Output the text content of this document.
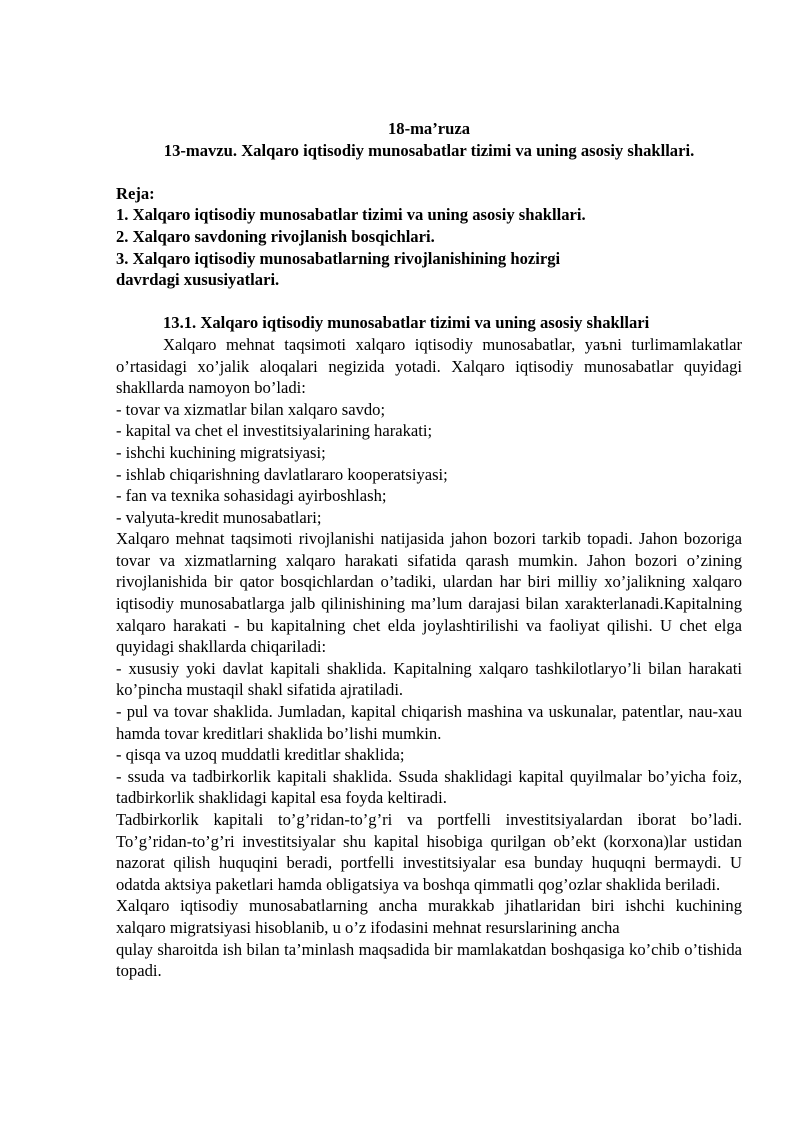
18-ma’ruza
13-mavzu. Xalqaro iqtisodiy munosabatlar tizimi va uning asosiy shakllari.
Reja:
1. Xalqaro iqtisodiy munosabatlar tizimi va uning asosiy shakllari.
2. Xalqaro savdoning rivojlanish bosqichlari.
3. Xalqaro iqtisodiy munosabatlarning rivojlanishining hozirgi davrdagi xususiyatlari.
13.1. Xalqaro iqtisodiy munosabatlar tizimi va uning asosiy shakllari
Xalqaro mehnat taqsimoti xalqaro iqtisodiy munosabatlar, yaъni turlimamlakatlar o’rtasidagi xo’jalik aloqalari negizida yotadi. Xalqaro iqtisodiy munosabatlar quyidagi shakllarda namoyon bo’ladi:
- tovar va xizmatlar bilan xalqaro savdo;
- kapital va chet el investitsiyalarining harakati;
- ishchi kuchining migratsiyasi;
- ishlab chiqarishning davlatlararo kooperatsiyasi;
- fan va texnika sohasidagi ayirboshlash;
- valyuta-kredit munosabatlari;
Xalqaro mehnat taqsimoti rivojlanishi natijasida jahon bozori tarkib topadi. Jahon bozoriga tovar va xizmatlarning xalqaro harakati sifatida qarash mumkin. Jahon bozori o’zining rivojlanishida bir qator bosqichlardan o’tadiki, ulardan har biri milliy xo’jalikning xalqaro iqtisodiy munosabatlarga jalb qilinishining ma’lum darajasi bilan xarakterlanadi.Kapitalning xalqaro harakati - bu kapitalning chet elda joylashtirilishi va faoliyat qilishi. U chet elga quyidagi shakllarda chiqariladi:
- xususiy yoki davlat kapitali shaklida. Kapitalning xalqaro tashkilotlaryo’li bilan harakati ko’pincha mustaqil shakl sifatida ajratiladi.
- pul va tovar shaklida. Jumladan, kapital chiqarish mashina va uskunalar, patentlar, nau-xau hamda tovar kreditlari shaklida bo’lishi mumkin.
- qisqa va uzoq muddatli kreditlar shaklida;
- ssuda va tadbirkorlik kapitali shaklida. Ssuda shaklidagi kapital quyilmalar bo’yicha foiz, tadbirkorlik shaklidagi kapital esa foyda keltiradi.
Tadbirkorlik kapitali to’g’ridan-to’g’ri va portfelli investitsiyalardan iborat bo’ladi. To’g’ridan-to’g’ri investitsiyalar shu kapital hisobiga qurilgan ob’ekt (korxona)lar ustidan nazorat qilish huquqini beradi, portfelli investitsiyalar esa bunday huquqni bermaydi. U odatda aktsiya paketlari hamda obligatsiya va boshqa qimmatli qog’ozlar shaklida beriladi.
Xalqaro iqtisodiy munosabatlarning ancha murakkab jihatlaridan biri ishchi kuchining xalqaro migratsiyasi hisoblanib, u o’z ifodasini mehnat resurslarining ancha
qulay sharoitda ish bilan ta’minlash maqsadida bir mamlakatdan boshqasiga ko’chib o’tishida topadi.
